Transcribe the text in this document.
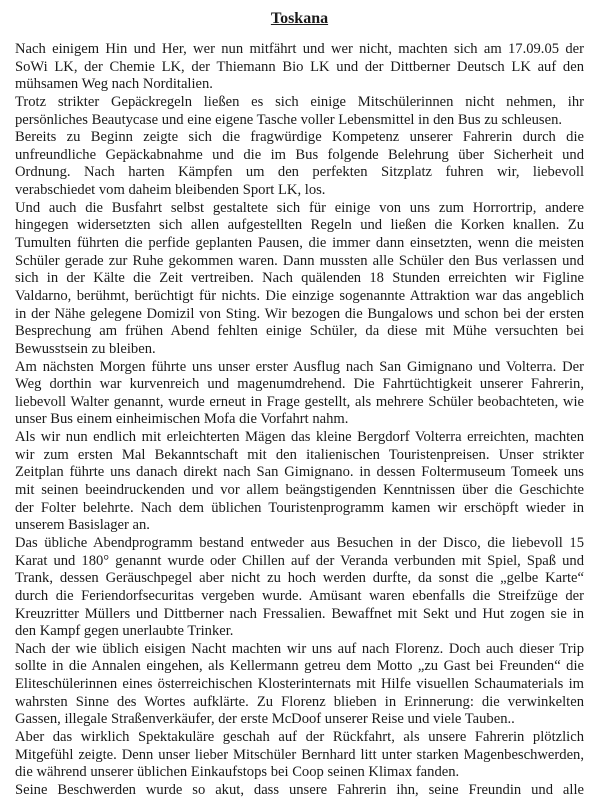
Toskana
Nach einigem Hin und Her, wer nun mitfährt und wer nicht, machten sich am 17.09.05 der
SoWi LK, der Chemie LK, der Thiemann Bio LK und der Dittberner Deutsch LK auf den
mühsamen Weg nach Norditalien.
Trotz strikter Gepäckregeln ließen es sich einige Mitschülerinnen nicht nehmen, ihr
persönliches Beautycase und eine eigene Tasche voller Lebensmittel in den Bus zu schleusen.
Bereits zu Beginn zeigte sich die fragwürdige Kompetenz unserer Fahrerin durch die
unfreundliche Gepäckabnahme und die im Bus folgende Belehrung über Sicherheit und
Ordnung. Nach harten Kämpfen um den perfekten Sitzplatz fuhren wir, liebevoll
verabschiedet vom daheim bleibenden Sport LK, los.
Und auch die Busfahrt selbst gestaltete sich für einige von uns zum Horrortrip, andere
hingegen widersetzten sich allen aufgestellten Regeln und ließen die Korken knallen. Zu
Tumulten führten die perfide geplanten Pausen, die immer dann einsetzten, wenn die meisten
Schüler gerade zur Ruhe gekommen waren. Dann mussten alle Schüler den Bus verlassen und
sich in der Kälte die Zeit vertreiben. Nach quälenden 18 Stunden erreichten wir Figline
Valdarno, berühmt, berüchtigt für nichts. Die einzige sogenannte Attraktion war das angeblich
in der Nähe gelegene Domizil von Sting. Wir bezogen die Bungalows und schon bei der ersten
Besprechung am frühen Abend fehlten einige Schüler, da diese mit Mühe versuchten bei
Bewusstsein zu bleiben.
Am nächsten Morgen führte uns unser erster Ausflug nach San Gimignano und Volterra. Der
Weg dorthin war kurvenreich und magenumdrehend. Die Fahrtüchtigkeit unserer Fahrerin,
liebevoll Walter genannt, wurde erneut in Frage gestellt, als mehrere Schüler beobachteten, wie
unser Bus einem einheimischen Mofa die Vorfahrt nahm.
Als wir nun endlich mit erleichterten Mägen das kleine Bergdorf Volterra erreichten, machten
wir zum ersten Mal Bekanntschaft mit den italienischen Touristenpreisen. Unser strikter
Zeitplan führte uns danach direkt nach San Gimignano. in dessen Foltermuseum Tomeek uns
mit seinen beeindruckenden und vor allem beängstigenden Kenntnissen über die Geschichte
der Folter belehrte. Nach dem üblichen Touristenprogramm kamen wir erschöpft wieder in
unserem Basislager an.
Das übliche Abendprogramm bestand entweder aus Besuchen in der Disco, die liebevoll 15
Karat und 180° genannt wurde oder Chillen auf der Veranda verbunden mit Spiel, Spaß und
Trank, dessen Geräuschpegel aber nicht zu hoch werden durfte, da sonst die „gelbe Karte“
durch die Feriendorfsecuritas vergeben wurde. Amüsant waren ebenfalls die Streifzüge der
Kreuzritter Müllers und Dittberner nach Fressalien. Bewaffnet mit Sekt und Hut zogen sie in
den Kampf gegen unerlaubte Trinker.
Nach der wie üblich eisigen Nacht machten wir uns auf nach Florenz. Doch auch dieser Trip
sollte in die Annalen eingehen, als Kellermann getreu dem Motto „zu Gast bei Freunden“ die
Eliteschülerinnen eines österreichischen Klosterinternats mit Hilfe visuellen Schaumaterials im
wahrsten Sinne des Wortes aufklärte. Zu Florenz blieben in Erinnerung: die verwinkelten
Gassen, illegale Straßenverkäufer, der erste McDoof unserer Reise und viele Tauben..
Aber das wirklich Spektakuläre geschah auf der Rückfahrt, als unsere Fahrerin plötzlich
Mitgefühl zeigte. Denn unser lieber Mitschüler Bernhard litt unter starken Magenbeschwerden,
die während unserer üblichen Einkaufstops bei Coop seinen Klimax fanden.
Seine Beschwerden wurde so akut, dass unsere Fahrerin ihn, seine Freundin und alle
